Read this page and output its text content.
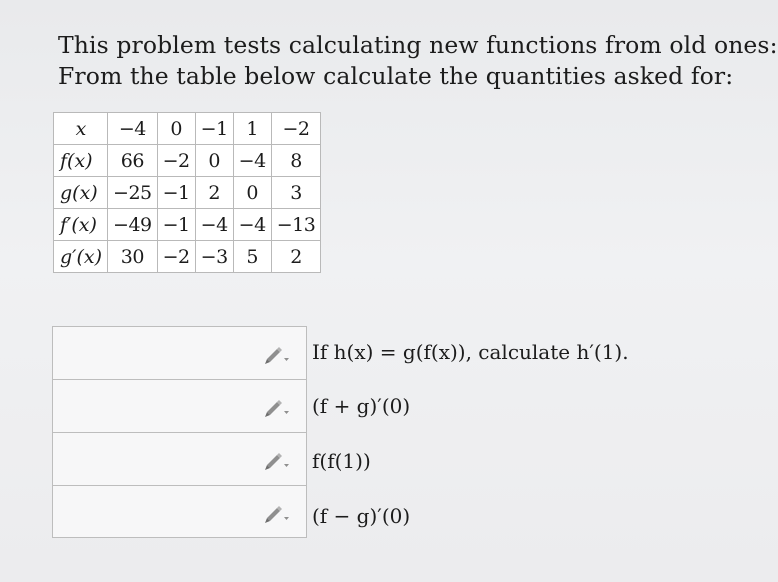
This problem tests calculating new functions from old ones:
From the table below calculate the quantities asked for:
x	−4	0	−1	1	−2
f(x)	66	−2	0	−4	8
g(x)	−25	−1	2	0	3
f′(x)	−49	−1	−4	−4	−13
g′(x)	30	−2	−3	5	2
If h(x) = g(f(x)), calculate h′(1).
(f + g)′(0)
f(f(1))
(f − g)′(0)
